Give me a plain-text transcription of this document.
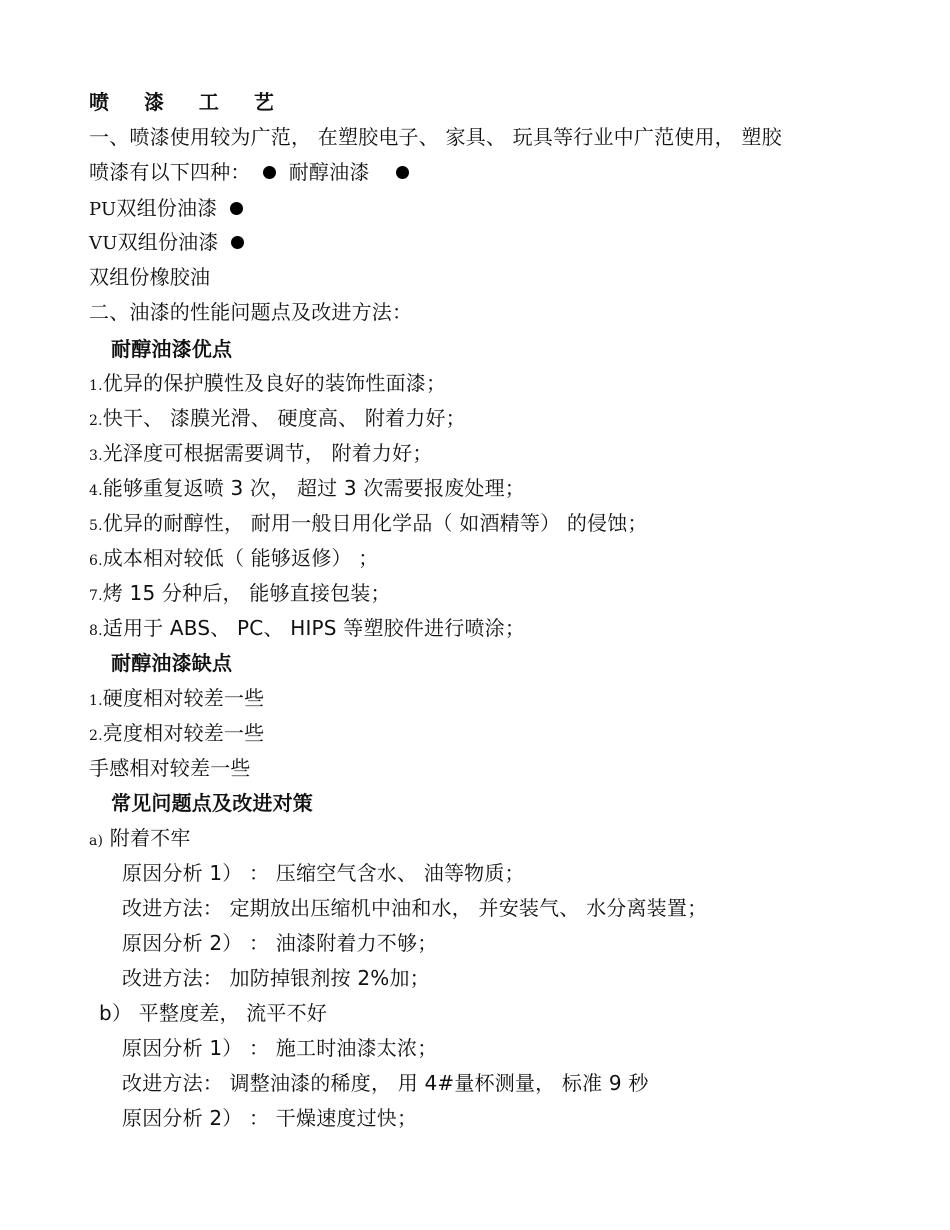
喷 漆 工 艺
一、喷漆使用较为广范， 在塑胶电子、 家具、 玩具等行业中广范使用， 塑胶
喷漆有以下四种： 耐醇油漆
PU双组份油漆
VU双组份油漆
双组份橡胶油
二、油漆的性能问题点及改进方法：
耐醇油漆优点
1.优异的保护膜性及良好的装饰性面漆；
2.快干、 漆膜光滑、 硬度高、 附着力好；
3.光泽度可根据需要调节， 附着力好；
4.能够重复返喷 3 次， 超过 3 次需要报废处理；
5.优异的耐醇性， 耐用一般日用化学品（ 如酒精等） 的侵蚀；
6.成本相对较低（ 能够返修） ；
7.烤 15 分种后， 能够直接包装；
8.适用于 ABS、 PC、 HIPS 等塑胶件进行喷涂；
耐醇油漆缺点
1.硬度相对较差一些
2.亮度相对较差一些
手感相对较差一些
常见问题点及改进对策
a) 附着不牢
原因分析 1） ： 压缩空气含水、 油等物质；
改进方法： 定期放出压缩机中油和水， 并安装气、 水分离装置；
原因分析 2） ： 油漆附着力不够；
改进方法： 加防掉银剂按 2%加；
b） 平整度差， 流平不好
原因分析 1） ： 施工时油漆太浓；
改进方法： 调整油漆的稀度， 用 4#量杯测量， 标准 9 秒
原因分析 2） ： 干燥速度过快；
